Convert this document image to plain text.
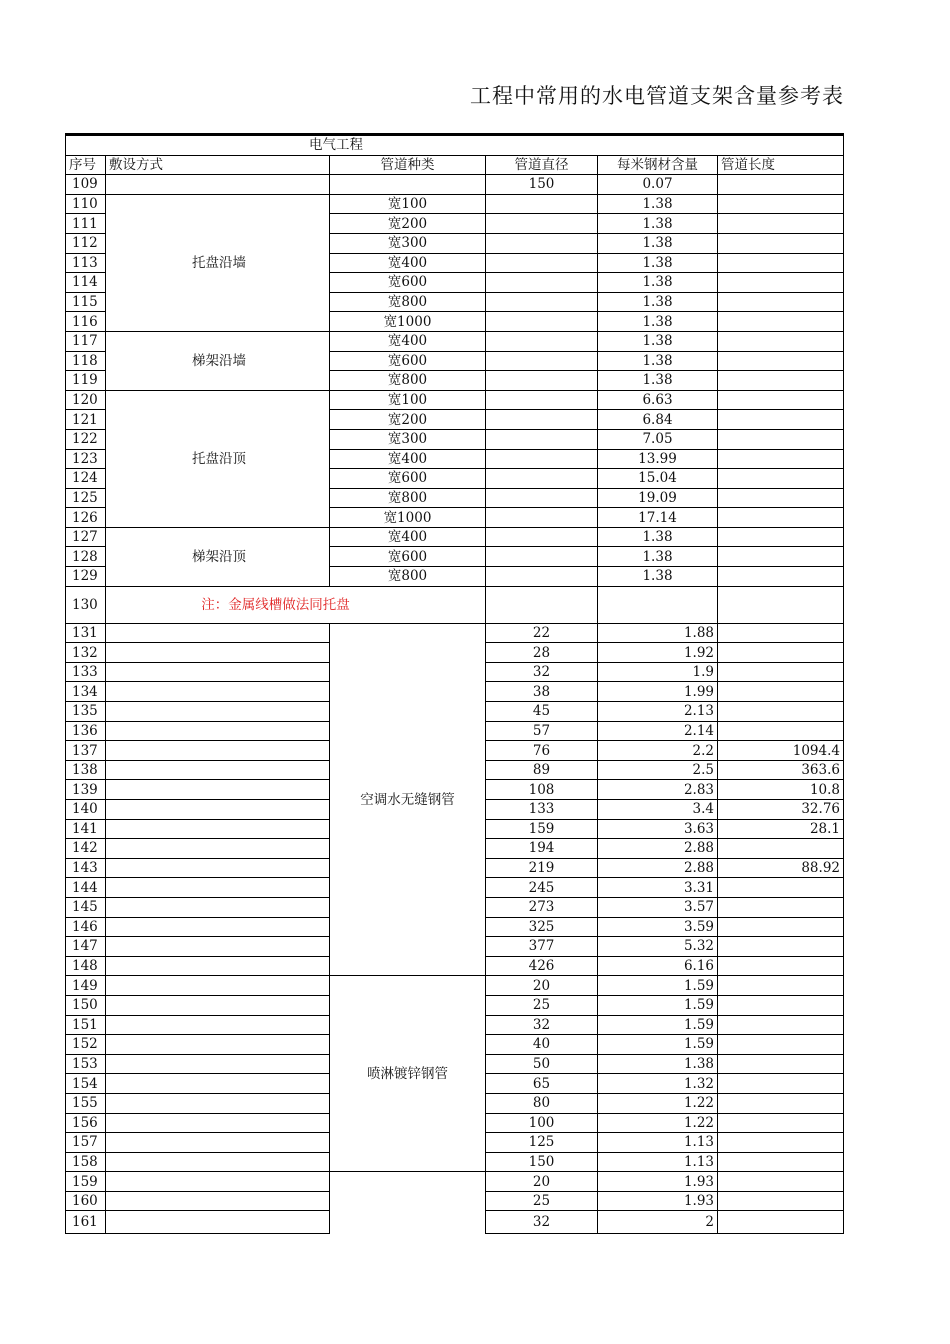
工程中常用的水电管道支架含量参考表
电气工程					
序号	敷设方式	管道种类	管道直径	每米钢材含量	管道长度
109			150	0.07	
110	托盘沿墙	宽100		1.38	
111		宽200		1.38	
112		宽300		1.38	
113		宽400		1.38	
114		宽600		1.38	
115		宽800		1.38	
116		宽1000		1.38	
117	梯架沿墙	宽400		1.38	
118		宽600		1.38	
119		宽800		1.38	
120	托盘沿顶	宽100		6.63	
121		宽200		6.84	
122		宽300		7.05	
123		宽400		13.99	
124		宽600		15.04	
125		宽800		19.09	
126		宽1000		17.14	
127	梯架沿顶	宽400		1.38	
128		宽600		1.38	
129		宽800		1.38	
130	注：金属线槽做法同托盘				
131		空调水无缝钢管	22	1.88	
132			28	1.92	
133			32	1.9	
134			38	1.99	
135			45	2.13	
136			57	2.14	
137			76	2.2	1094.4
138			89	2.5	363.6
139			108	2.83	10.8
140			133	3.4	32.76
141			159	3.63	28.1
142			194	2.88	
143			219	2.88	88.92
144			245	3.31	
145			273	3.57	
146			325	3.59	
147			377	5.32	
148			426	6.16	
149		喷淋镀锌钢管	20	1.59	
150			25	1.59	
151			32	1.59	
152			40	1.59	
153			50	1.38	
154			65	1.32	
155			80	1.22	
156			100	1.22	
157			125	1.13	
158			150	1.13	
159			20	1.93	
160			25	1.93	
161			32	2	
